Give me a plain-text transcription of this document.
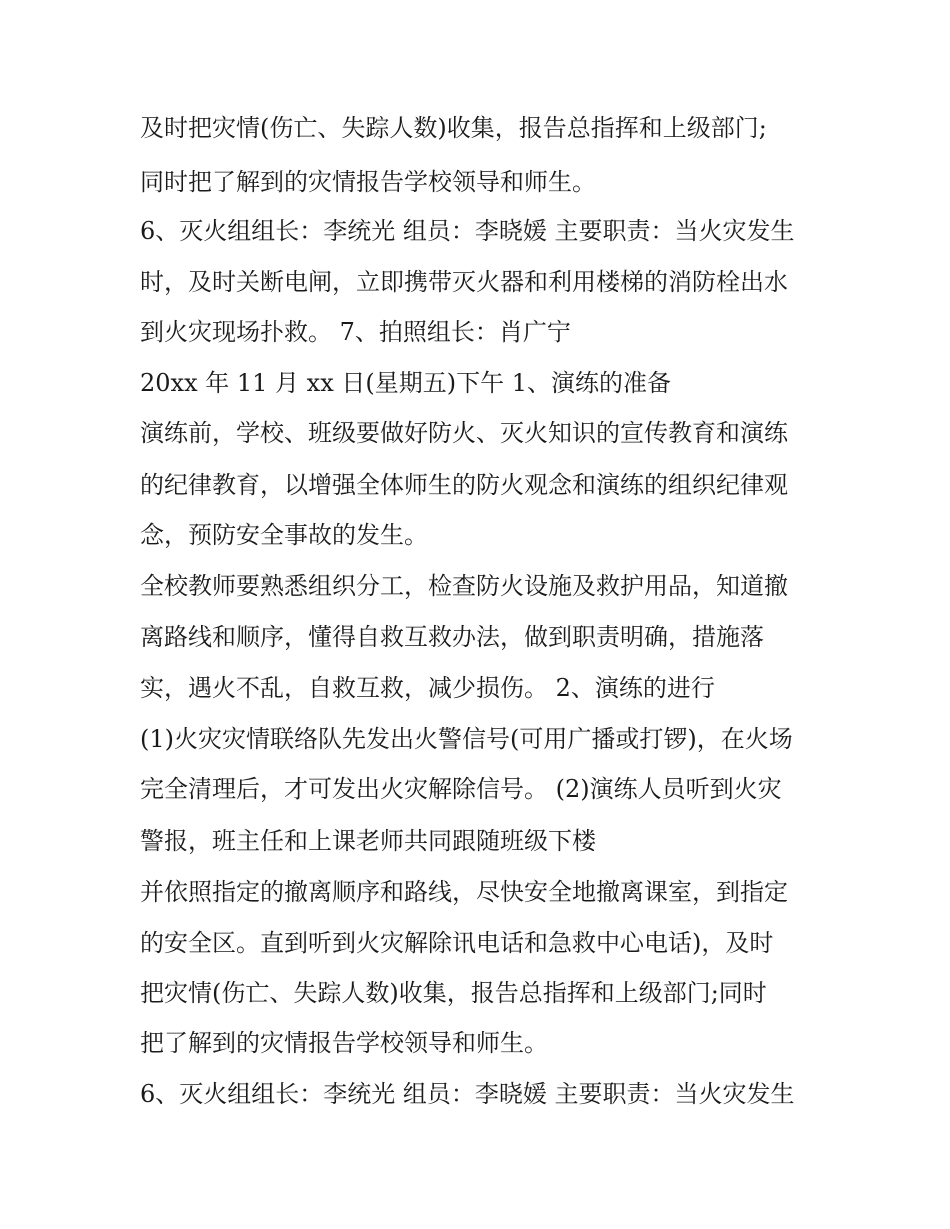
及时把灾情(伤亡、失踪人数)收集，报告总指挥和上级部门;
同时把了解到的灾情报告学校领导和师生。
6、灭火组组长：李统光 组员：李晓媛 主要职责：当火灾发生
时，及时关断电闸，立即携带灭火器和利用楼梯的消防栓出水
到火灾现场扑救。 7、拍照组长：肖广宁
20xx 年 11 月 xx 日(星期五)下午 1、演练的准备
演练前，学校、班级要做好防火、灭火知识的宣传教育和演练
的纪律教育，以增强全体师生的防火观念和演练的组织纪律观
念，预防安全事故的发生。
全校教师要熟悉组织分工，检查防火设施及救护用品，知道撤
离路线和顺序，懂得自救互救办法，做到职责明确，措施落
实，遇火不乱，自救互救，减少损伤。 2、演练的进行
(1)火灾灾情联络队先发出火警信号(可用广播或打锣)，在火场
完全清理后，才可发出火灾解除信号。 (2)演练人员听到火灾
警报，班主任和上课老师共同跟随班级下楼
并依照指定的撤离顺序和路线，尽快安全地撤离课室，到指定
的安全区。直到听到火灾解除讯电话和急救中心电话)，及时
把灾情(伤亡、失踪人数)收集，报告总指挥和上级部门;同时
把了解到的灾情报告学校领导和师生。
6、灭火组组长：李统光 组员：李晓媛 主要职责：当火灾发生
